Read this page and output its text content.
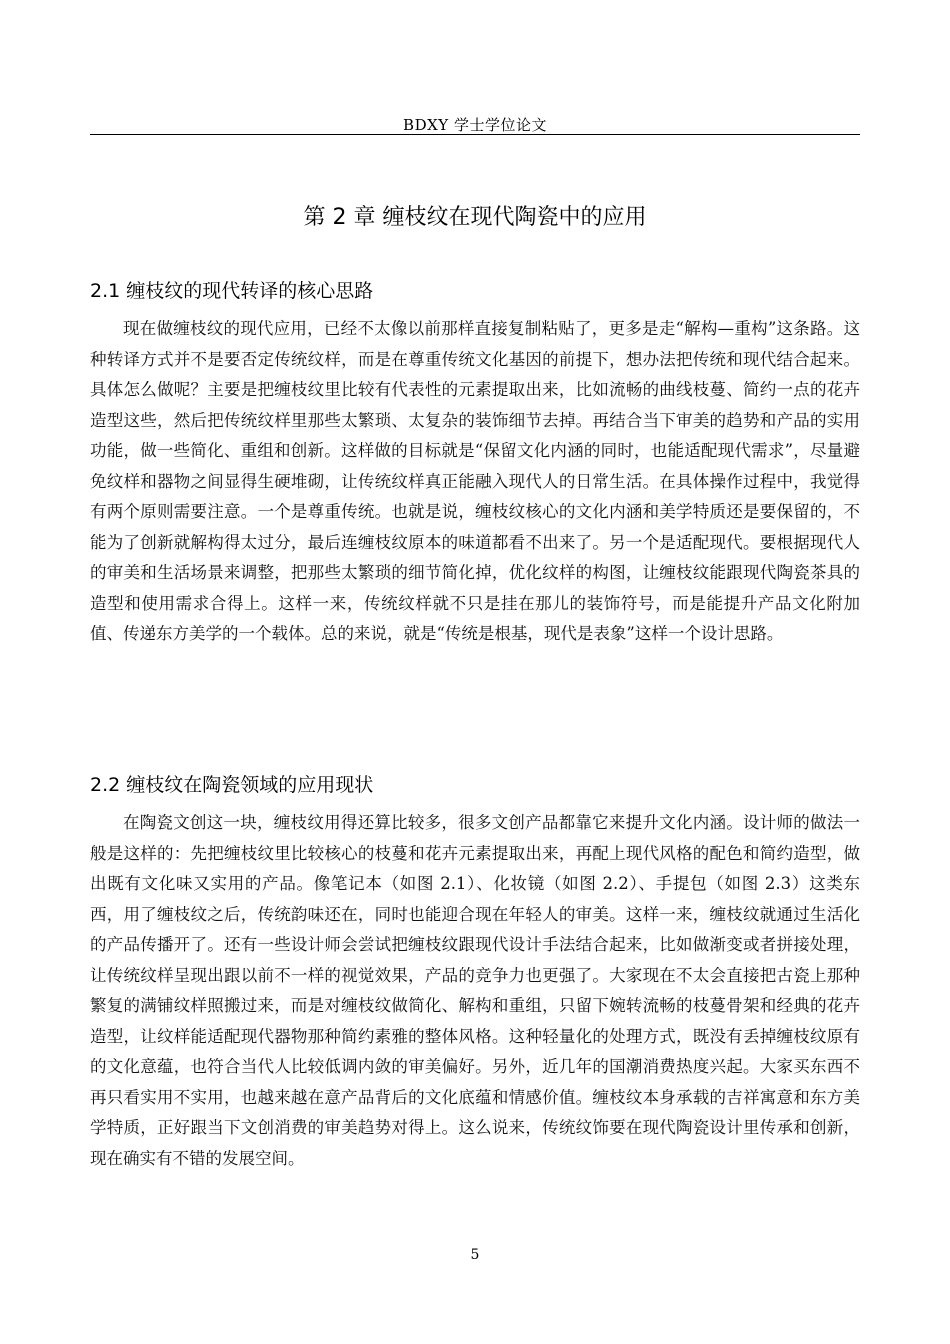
BDXY 学士学位论文
第 2 章 缠枝纹在现代陶瓷中的应用
2.1 缠枝纹的现代转译的核心思路

现在做缠枝纹的现代应用，已经不太像以前那样直接复制粘贴了，更多是走“解构—重构”这条路。这种转译方式并不是要否定传统纹样，而是在尊重传统文化基因的前提下，想办法把传统和现代结合起来。具体怎么做呢？主要是把缠枝纹里比较有代表性的元素提取出来，比如流畅的曲线枝蔓、简约一点的花卉造型这些，然后把传统纹样里那些太繁琐、太复杂的装饰细节去掉。再结合当下审美的趋势和产品的实用功能，做一些简化、重组和创新。这样做的目标就是“保留文化内涵的同时，也能适配现代需求”，尽量避免纹样和器物之间显得生硬堆砌，让传统纹样真正能融入现代人的日常生活。在具体操作过程中，我觉得有两个原则需要注意。一个是尊重传统。也就是说，缠枝纹核心的文化内涵和美学特质还是要保留的，不能为了创新就解构得太过分，最后连缠枝纹原本的味道都看不出来了。另一个是适配现代。要根据现代人的审美和生活场景来调整，把那些太繁琐的细节简化掉，优化纹样的构图，让缠枝纹能跟现代陶瓷茶具的造型和使用需求合得上。这样一来，传统纹样就不只是挂在那儿的装饰符号，而是能提升产品文化附加值、传递东方美学的一个载体。总的来说，就是“传统是根基，现代是表象”这样一个设计思路。

2.2 缠枝纹在陶瓷领域的应用现状

在陶瓷文创这一块，缠枝纹用得还算比较多，很多文创产品都靠它来提升文化内涵。设计师的做法一般是这样的：先把缠枝纹里比较核心的枝蔓和花卉元素提取出来，再配上现代风格的配色和简约造型，做出既有文化味又实用的产品。像笔记本（如图 2.1）、化妆镜（如图 2.2）、手提包（如图 2.3）这类东西，用了缠枝纹之后，传统韵味还在，同时也能迎合现在年轻人的审美。这样一来，缠枝纹就通过生活化的产品传播开了。还有一些设计师会尝试把缠枝纹跟现代设计手法结合起来，比如做渐变或者拼接处理，让传统纹样呈现出跟以前不一样的视觉效果，产品的竞争力也更强了。大家现在不太会直接把古瓷上那种繁复的满铺纹样照搬过来，而是对缠枝纹做简化、解构和重组，只留下婉转流畅的枝蔓骨架和经典的花卉造型，让纹样能适配现代器物那种简约素雅的整体风格。这种轻量化的处理方式，既没有丢掉缠枝纹原有的文化意蕴，也符合当代人比较低调内敛的审美偏好。另外，近几年的国潮消费热度兴起。大家买东西不再只看实用不实用，也越来越在意产品背后的文化底蕴和情感价值。缠枝纹本身承载的吉祥寓意和东方美学特质，正好跟当下文创消费的审美趋势对得上。这么说来，传统纹饰要在现代陶瓷设计里传承和创新，现在确实有不错的发展空间。

5
